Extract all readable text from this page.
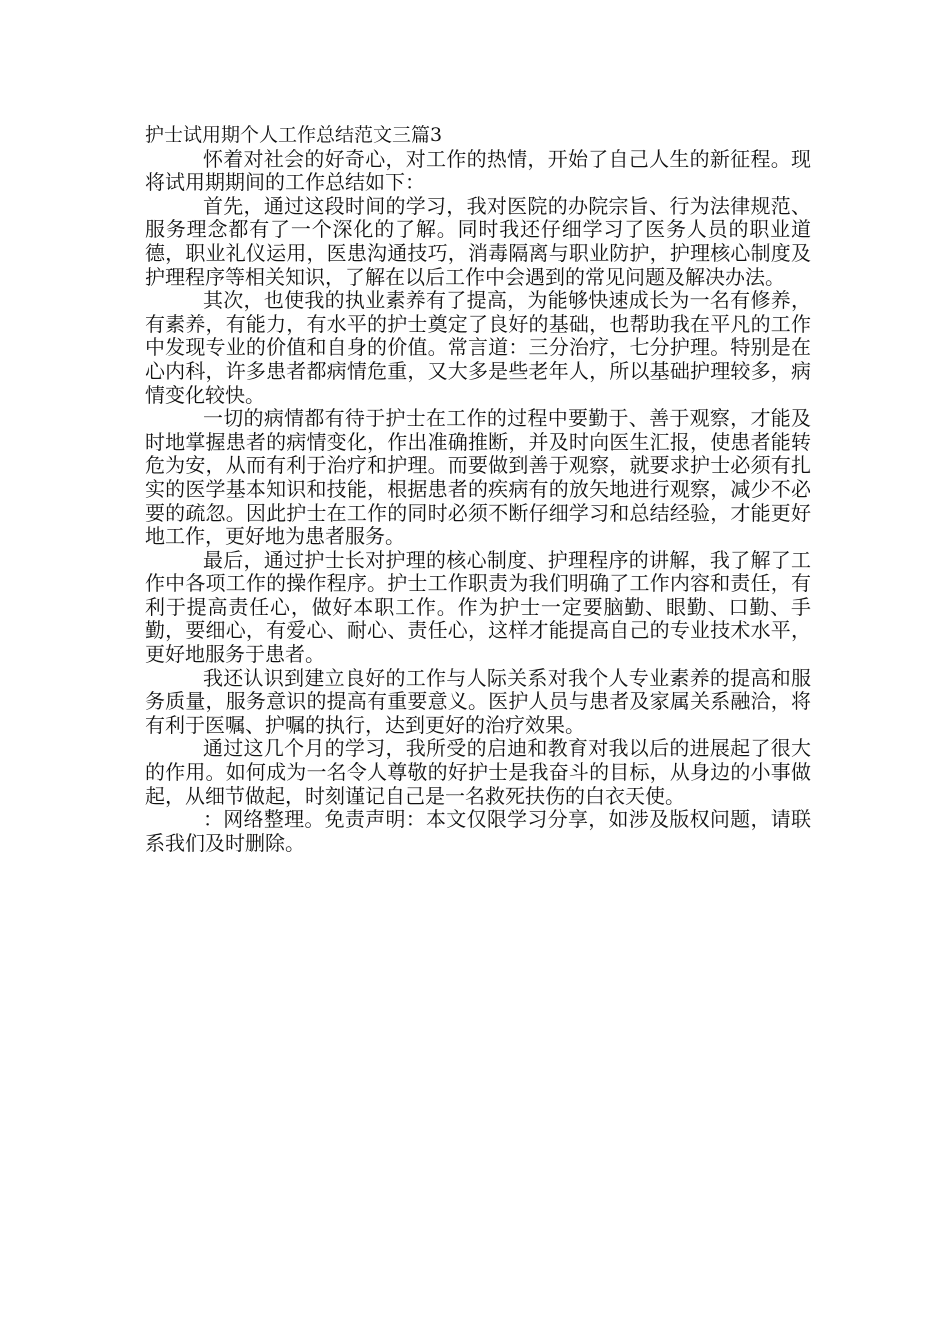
护士试用期个人工作总结范文三篇3

怀着对社会的好奇心，对工作的热情，开始了自己人生的新征程。现将试用期期间的工作总结如下：

首先，通过这段时间的学习，我对医院的办院宗旨、行为法律规范、服务理念都有了一个深化的了解。同时我还仔细学习了医务人员的职业道德，职业礼仪运用，医患沟通技巧，消毒隔离与职业防护，护理核心制度及护理程序等相关知识，了解在以后工作中会遇到的常见问题及解决办法。

其次，也使我的执业素养有了提高，为能够快速成长为一名有修养，有素养，有能力，有水平的护士奠定了良好的基础，也帮助我在平凡的工作中发现专业的价值和自身的价值。常言道：三分治疗，七分护理。特别是在心内科，许多患者都病情危重，又大多是些老年人，所以基础护理较多，病情变化较快。

一切的病情都有待于护士在工作的过程中要勤于、善于观察，才能及时地掌握患者的病情变化，作出准确推断，并及时向医生汇报，使患者能转危为安，从而有利于治疗和护理。而要做到善于观察，就要求护士必须有扎实的医学基本知识和技能，根据患者的疾病有的放矢地进行观察，减少不必要的疏忽。因此护士在工作的同时必须不断仔细学习和总结经验，才能更好地工作，更好地为患者服务。

最后，通过护士长对护理的核心制度、护理程序的讲解，我了解了工作中各项工作的操作程序。护士工作职责为我们明确了工作内容和责任，有利于提高责任心，做好本职工作。作为护士一定要脑勤、眼勤、口勤、手勤，要细心，有爱心、耐心、责任心，这样才能提高自己的专业技术水平，更好地服务于患者。

我还认识到建立良好的工作与人际关系对我个人专业素养的提高和服务质量，服务意识的提高有重要意义。医护人员与患者及家属关系融洽，将有利于医嘱、护嘱的执行，达到更好的治疗效果。

通过这几个月的学习，我所受的启迪和教育对我以后的进展起了很大的作用。如何成为一名令人尊敬的好护士是我奋斗的目标，从身边的小事做起，从细节做起，时刻谨记自己是一名救死扶伤的白衣天使。

：网络整理。免责声明：本文仅限学习分享，如涉及版权问题，请联系我们及时删除。
